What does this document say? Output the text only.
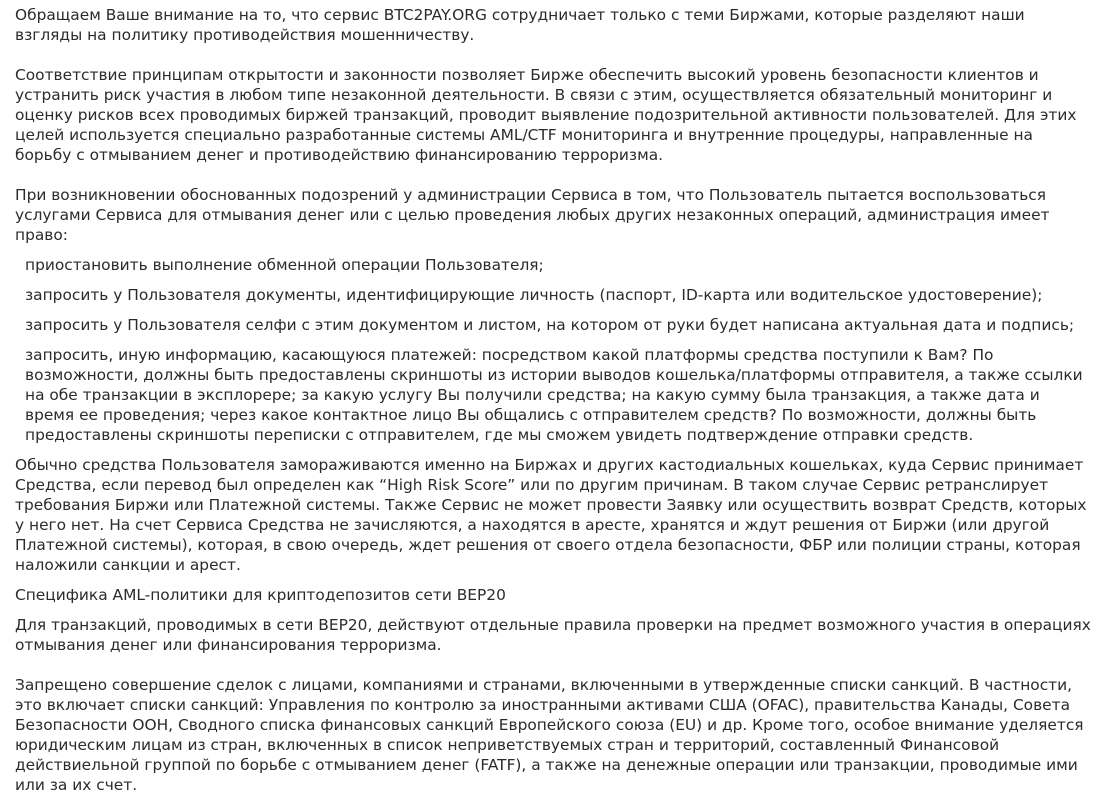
Обращаем Ваше внимание на то, что сервис BTC2PAY.ORG сотрудничает только с теми Биржами, которые разделяют наши взгляды на политику противодействия мошенничеству.

Соответствие принципам открытости и законности позволяет Бирже обеспечить высокий уровень безопасности клиентов и устранить риск участия в любом типе незаконной деятельности. В связи с этим, осуществляется обязательный мониторинг и оценку рисков всех проводимых биржей транзакций, проводит выявление подозрительной активности пользователей. Для этих целей используется специально разработанные системы AML/CTF мониторинга и внутренние процедуры, направленные на борьбу с отмыванием денег и противодействию финансированию терроризма.

При возникновении обоснованных подозрений у администрации Сервиса в том, что Пользователь пытается воспользоваться услугами Сервиса для отмывания денег или с целью проведения любых других незаконных операций, администрация имеет право:

приостановить выполнение обменной операции Пользователя;
запросить у Пользователя документы, идентифицирующие личность (паспорт, ID-карта или водительское удостоверение);
запросить у Пользователя селфи с этим документом и листом, на котором от руки будет написана актуальная дата и подпись;
запросить, иную информацию, касающуюся платежей: посредством какой платформы средства поступили к Вам? По возможности, должны быть предоставлены скриншоты из истории выводов кошелька/платформы отправителя, а также ссылки на обе транзакции в эксплорере; за какую услугу Вы получили средства; на какую сумму была транзакция, а также дата и время ее проведения; через какое контактное лицо Вы общались с отправителем средств? По возможности, должны быть предоставлены скриншоты переписки с отправителем, где мы сможем увидеть подтверждение отправки средств.

Обычно средства Пользователя замораживаются именно на Биржах и других кастодиальных кошельках, куда Сервис принимает Средства, если перевод был определен как “High Risk Score” или по другим причинам. В таком случае Сервис ретранслирует требования Биржи или Платежной системы. Также Сервис не может провести Заявку или осуществить возврат Средств, которых у него нет. На счет Сервиса Средства не зачисляются, а находятся в аресте, хранятся и ждут решения от Биржи (или другой Платежной системы), которая, в свою очередь, ждет решения от своего отдела безопасности, ФБР или полиции страны, которая наложили санкции и арест.

Специфика AML-политики для криптодепозитов сети BEP20

Для транзакций, проводимых в сети BEP20, действуют отдельные правила проверки на предмет возможного участия в операциях отмывания денег или финансирования терроризма.

Запрещено совершение сделок с лицами, компаниями и странами, включенными в утвержденные списки санкций. В частности, это включает списки санкций: Управления по контролю за иностранными активами США (OFAC), правительства Канады, Совета Безопасности ООН, Сводного списка финансовых санкций Европейского союза (EU) и др. Кроме того, особое внимание уделяется юридическим лицам из стран, включенных в список неприветствуемых стран и территорий, составленный Финансовой действиельной группой по борьбе с отмыванием денег (FATF), а также на денежные операции или транзакции, проводимые ими или за их счет.
